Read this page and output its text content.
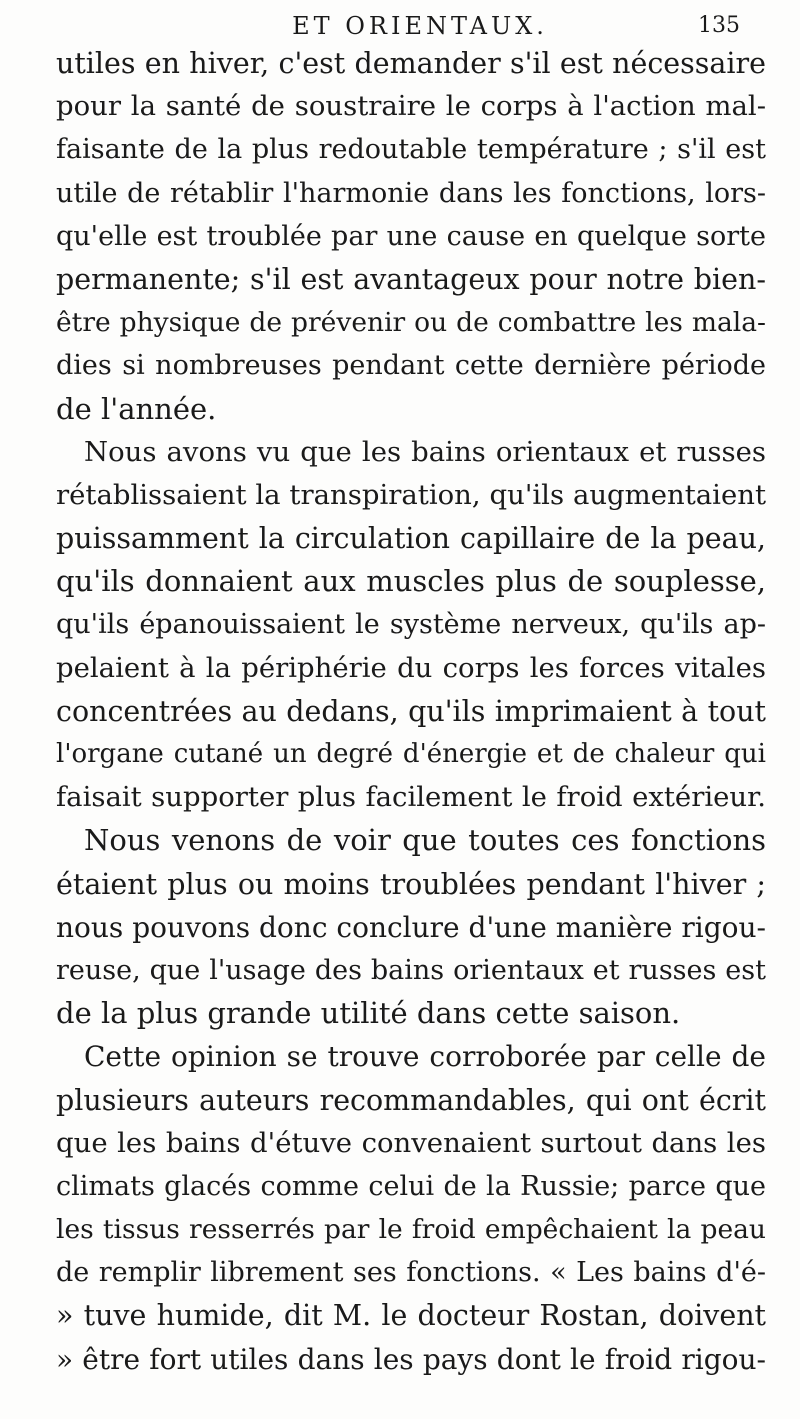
ET ORIENTAUX.	135
utiles en hiver, c'est demander s'il est nécessaire
pour la santé de soustraire le corps à l'action mal-
faisante de la plus redoutable température ; s'il est
utile de rétablir l'harmonie dans les fonctions, lors-
qu'elle est troublée par une cause en quelque sorte
permanente; s'il est avantageux pour notre bien-
être physique de prévenir ou de combattre les mala-
dies si nombreuses pendant cette dernière période
de l'année.
Nous avons vu que les bains orientaux et russes
rétablissaient la transpiration, qu'ils augmentaient
puissamment la circulation capillaire de la peau,
qu'ils donnaient aux muscles plus de souplesse,
qu'ils épanouissaient le système nerveux, qu'ils ap-
pelaient à la périphérie du corps les forces vitales
concentrées au dedans, qu'ils imprimaient à tout
l'organe cutané un degré d'énergie et de chaleur qui
faisait supporter plus facilement le froid extérieur.
Nous venons de voir que toutes ces fonctions
étaient plus ou moins troublées pendant l'hiver ;
nous pouvons donc conclure d'une manière rigou-
reuse, que l'usage des bains orientaux et russes est
de la plus grande utilité dans cette saison.
Cette opinion se trouve corroborée par celle de
plusieurs auteurs recommandables, qui ont écrit
que les bains d'étuve convenaient surtout dans les
climats glacés comme celui de la Russie; parce que
les tissus resserrés par le froid empêchaient la peau
de remplir librement ses fonctions. « Les bains d'é-
» tuve humide, dit M. le docteur Rostan, doivent
» être fort utiles dans les pays dont le froid rigou-
